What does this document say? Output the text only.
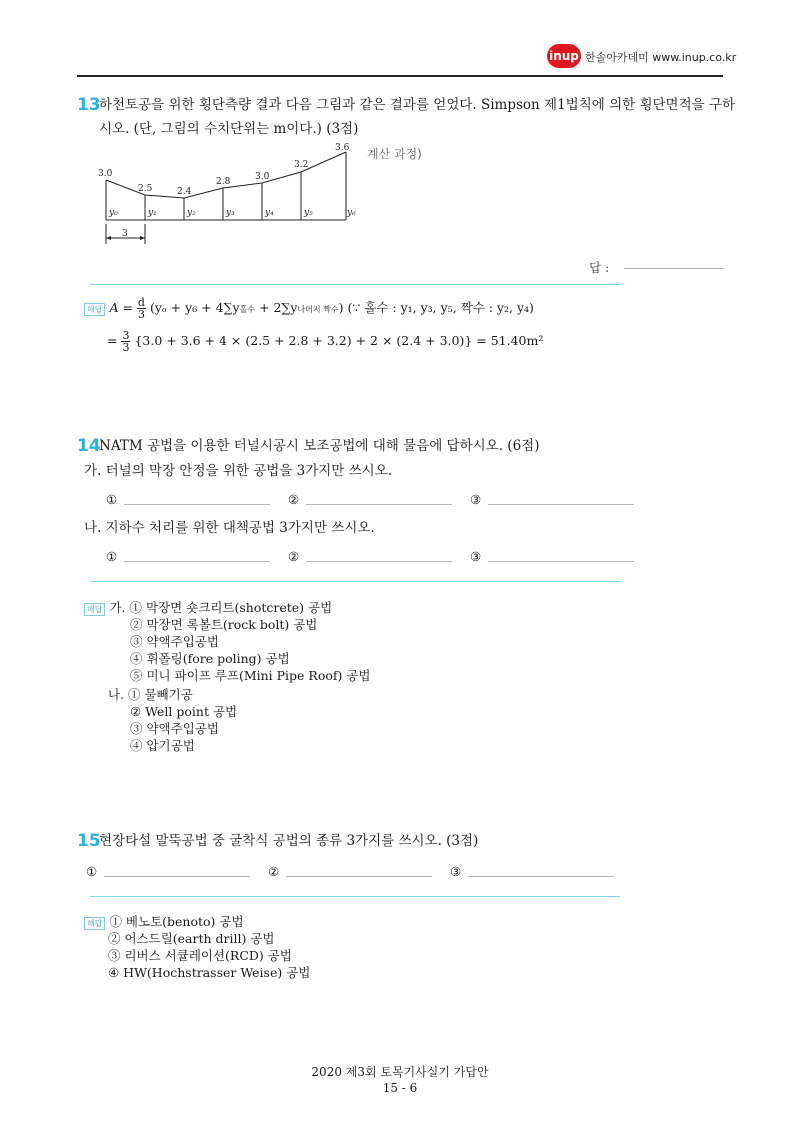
inup 한솔아카데미 www.inup.co.kr
13
하천토공을 위한 횡단측량 결과 다음 그림과 같은 결과를 얻었다. Simpson 제1법칙에 의한 횡단면적을 구하
시오. (단, 그림의 수치단위는 m이다.) (3점)
3.0
2.5	2.4
2.8	3.0
3.2
3.6
y₀	y₁	y₂	y₃	y₄	y₅	y₆
3
계산 과정)
답 :
해답 $A = \frac{d}{3} (y_o + y_6 + 4\sum y$홀수 + 2∑y나머지 짝수) (∵ 홀수 : y₁, y₃, y₅, 짝수 : y₂, y₄)
= $\frac{3}{3} \{3.0 + 3.6 + 4 \times (2.5 + 2.8 + 3.2) + 2 \times (2.4 + 3.0)\} = 51.40m^2$
14
NATM 공법을 이용한 터널시공시 보조공법에 대해 물음에 답하시오. (6점)
가. 터널의 막장 안정을 위한 공법을 3가지만 쓰시오.
①	②	③
나. 지하수 처리를 위한 대책공법 3가지만 쓰시오.
①	②	③
해답 가. ① 막장면 숏크리트(shotcrete) 공법
② 막장면 록볼트(rock bolt) 공법
③ 약액주입공법
④ 휘폴링(fore poling) 공법
⑤ 미니 파이프 루프(Mini Pipe Roof) 공법
나. ① 물빼기공
② Well point 공법
③ 약액주입공법
④ 압기공법
15
현장타설 말뚝공법 중 굴착식 공법의 종류 3가지를 쓰시오. (3점)
①	②	③
해답 ① 베노토(benoto) 공법
② 어스드릴(earth drill) 공법
③ 리버스 서큘레이션(RCD) 공법
④ HW(Hochstrasser Weise) 공법
2020 제3회 토목기사실기 가답안
15 - 6
